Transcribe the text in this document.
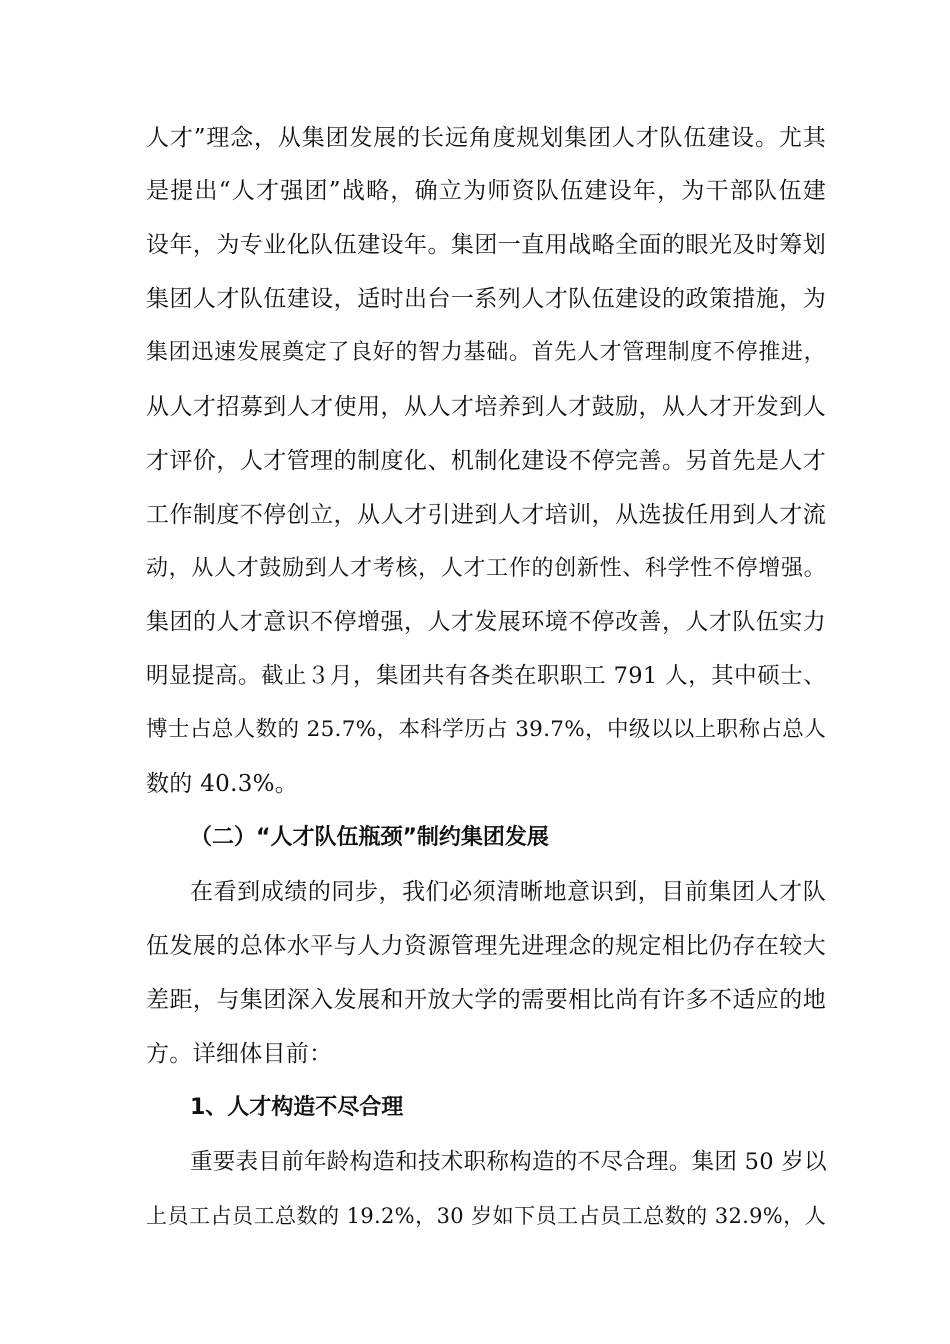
人才”理念，从集团发展的长远角度规划集团人才队伍建设。尤其
是提出“人才强团”战略，确立为师资队伍建设年，为干部队伍建
设年，为专业化队伍建设年。集团一直用战略全面的眼光及时筹划
集团人才队伍建设，适时出台一系列人才队伍建设的政策措施，为
集团迅速发展奠定了良好的智力基础。首先人才管理制度不停推进，
从人才招募到人才使用，从人才培养到人才鼓励，从人才开发到人
才评价，人才管理的制度化、机制化建设不停完善。另首先是人才
工作制度不停创立，从人才引进到人才培训，从选拔任用到人才流
动，从人才鼓励到人才考核，人才工作的创新性、科学性不停增强。
集团的人才意识不停增强，人才发展环境不停改善，人才队伍实力
明显提高。截止３月，集团共有各类在职职工 791 人，其中硕士、
博士占总人数的 25.7%，本科学历占 39.7%，中级以以上职称占总人
数的 40.3%。
（二）“人才队伍瓶颈”制约集团发展
在看到成绩的同步，我们必须清晰地意识到，目前集团人才队
伍发展的总体水平与人力资源管理先进理念的规定相比仍存在较大
差距，与集团深入发展和开放大学的需要相比尚有许多不适应的地
方。详细体目前：
1、人才构造不尽合理
重要表目前年龄构造和技术职称构造的不尽合理。集团 50 岁以
上员工占员工总数的 19.2%，30 岁如下员工占员工总数的 32.9%，人
